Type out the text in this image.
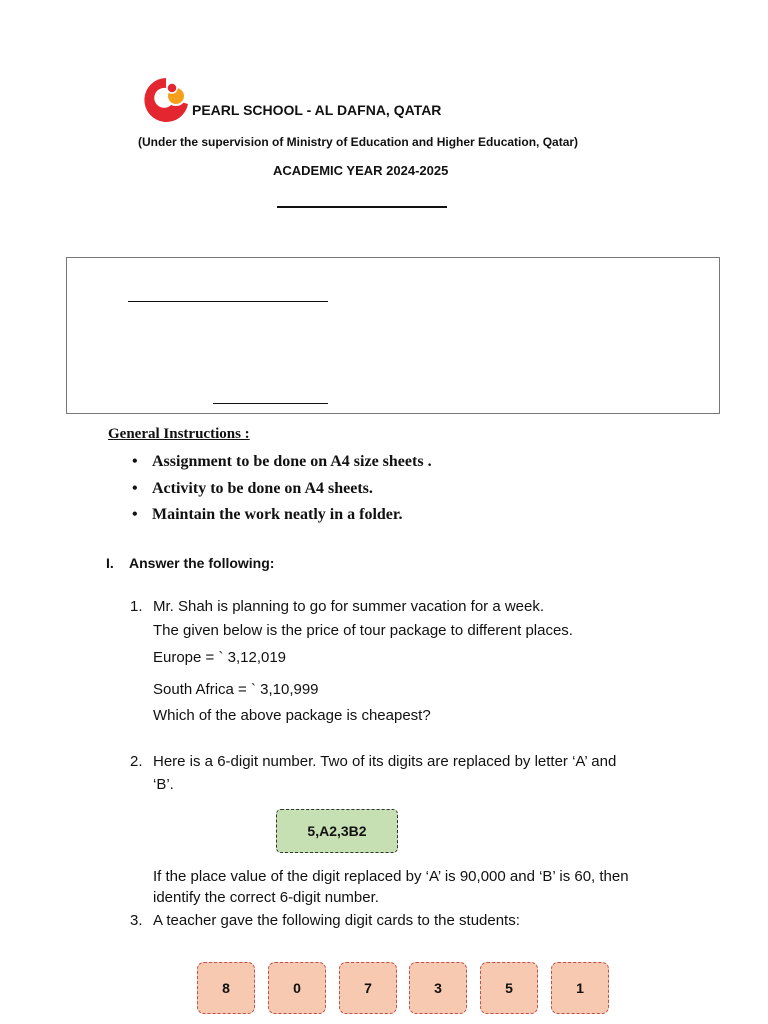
PEARL SCHOOL - AL DAFNA, QATAR
(Under the supervision of Ministry of Education and Higher Education, Qatar)
ACADEMIC YEAR 2024-2025
General Instructions :
• Assignment to be done on A4 size sheets .
• Activity to be done on A4 sheets.
• Maintain the work neatly in a folder.
I. Answer the following:
1. Mr. Shah is planning to go for summer vacation for a week.
The given below is the price of tour package to different places.
Europe = ` 3,12,019
South Africa = ` 3,10,999
Which of the above package is cheapest?
2. Here is a 6-digit number. Two of its digits are replaced by letter ‘A’ and
‘B’.
5,A2,3B2
If the place value of the digit replaced by ‘A’ is 90,000 and ‘B’ is 60, then
identify the correct 6-digit number.
3. A teacher gave the following digit cards to the students:
8	0	7	3	5	1
